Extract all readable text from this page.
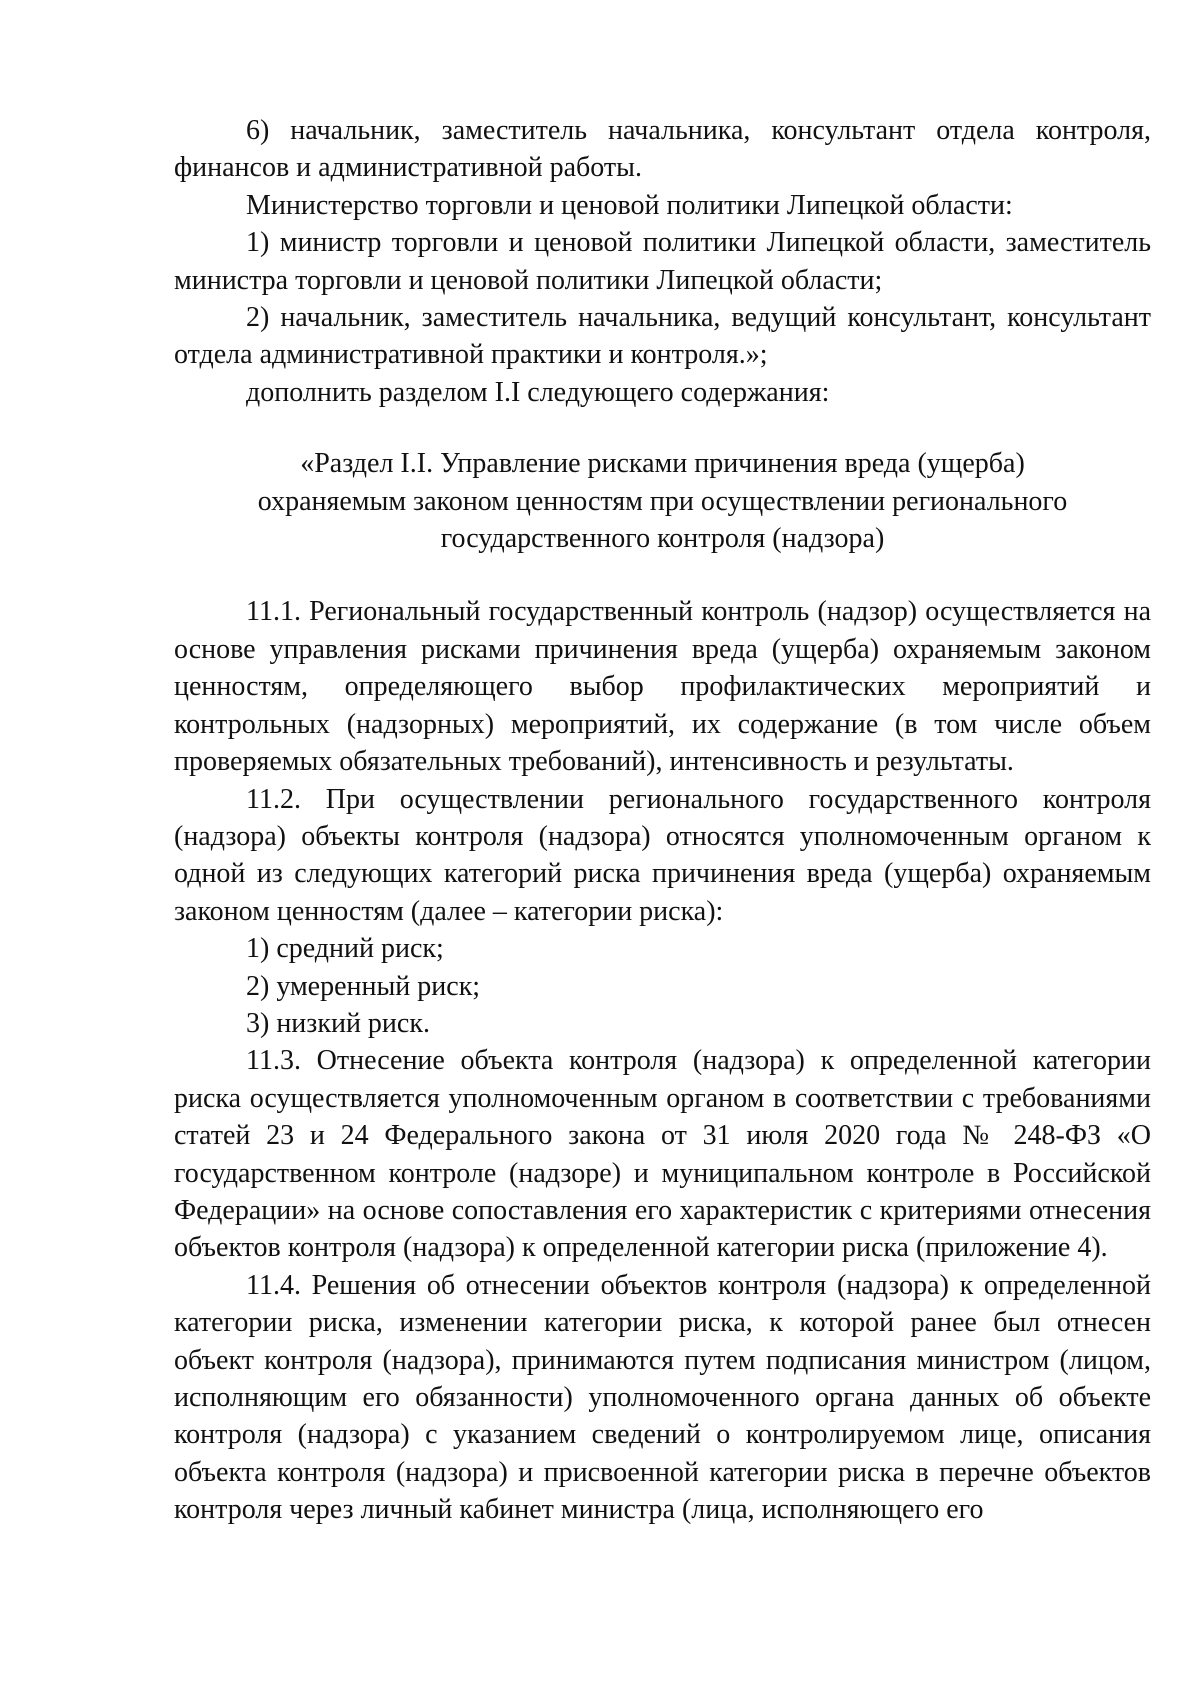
6) начальник, заместитель начальника, консультант отдела контроля, финансов и административной работы.

Министерство торговли и ценовой политики Липецкой области:

1) министр торговли и ценовой политики Липецкой области, заместитель министра торговли и ценовой политики Липецкой области;

2) начальник, заместитель начальника, ведущий консультант, консультант отдела административной практики и контроля.»;

дополнить разделом I.I следующего содержания:

«Раздел I.I. Управление рисками причинения вреда (ущерба)
охраняемым законом ценностям при осуществлении регионального
государственного контроля (надзора)

11.1. Региональный государственный контроль (надзор) осуществляется на основе управления рисками причинения вреда (ущерба) охраняемым законом ценностям, определяющего выбор профилактических мероприятий и контрольных (надзорных) мероприятий, их содержание (в том числе объем проверяемых обязательных требований), интенсивность и результаты.

11.2. При осуществлении регионального государственного контроля (надзора) объекты контроля (надзора) относятся уполномоченным органом к одной из следующих категорий риска причинения вреда (ущерба) охраняемым законом ценностям (далее – категории риска):

1) средний риск;

2) умеренный риск;

3) низкий риск.

11.3. Отнесение объекта контроля (надзора) к определенной категории риска осуществляется уполномоченным органом в соответствии с требованиями статей 23 и 24 Федерального закона от 31 июля 2020 года № 248-ФЗ «О государственном контроле (надзоре) и муниципальном контроле в Российской Федерации» на основе сопоставления его характеристик с критериями отнесения объектов контроля (надзора) к определенной категории риска (приложение 4).

11.4. Решения об отнесении объектов контроля (надзора) к определенной категории риска, изменении категории риска, к которой ранее был отнесен объект контроля (надзора), принимаются путем подписания министром (лицом, исполняющим его обязанности) уполномоченного органа данных об объекте контроля (надзора) с указанием сведений о контролируемом лице, описания объекта контроля (надзора) и присвоенной категории риска в перечне объектов контроля через личный кабинет министра (лица, исполняющего его
